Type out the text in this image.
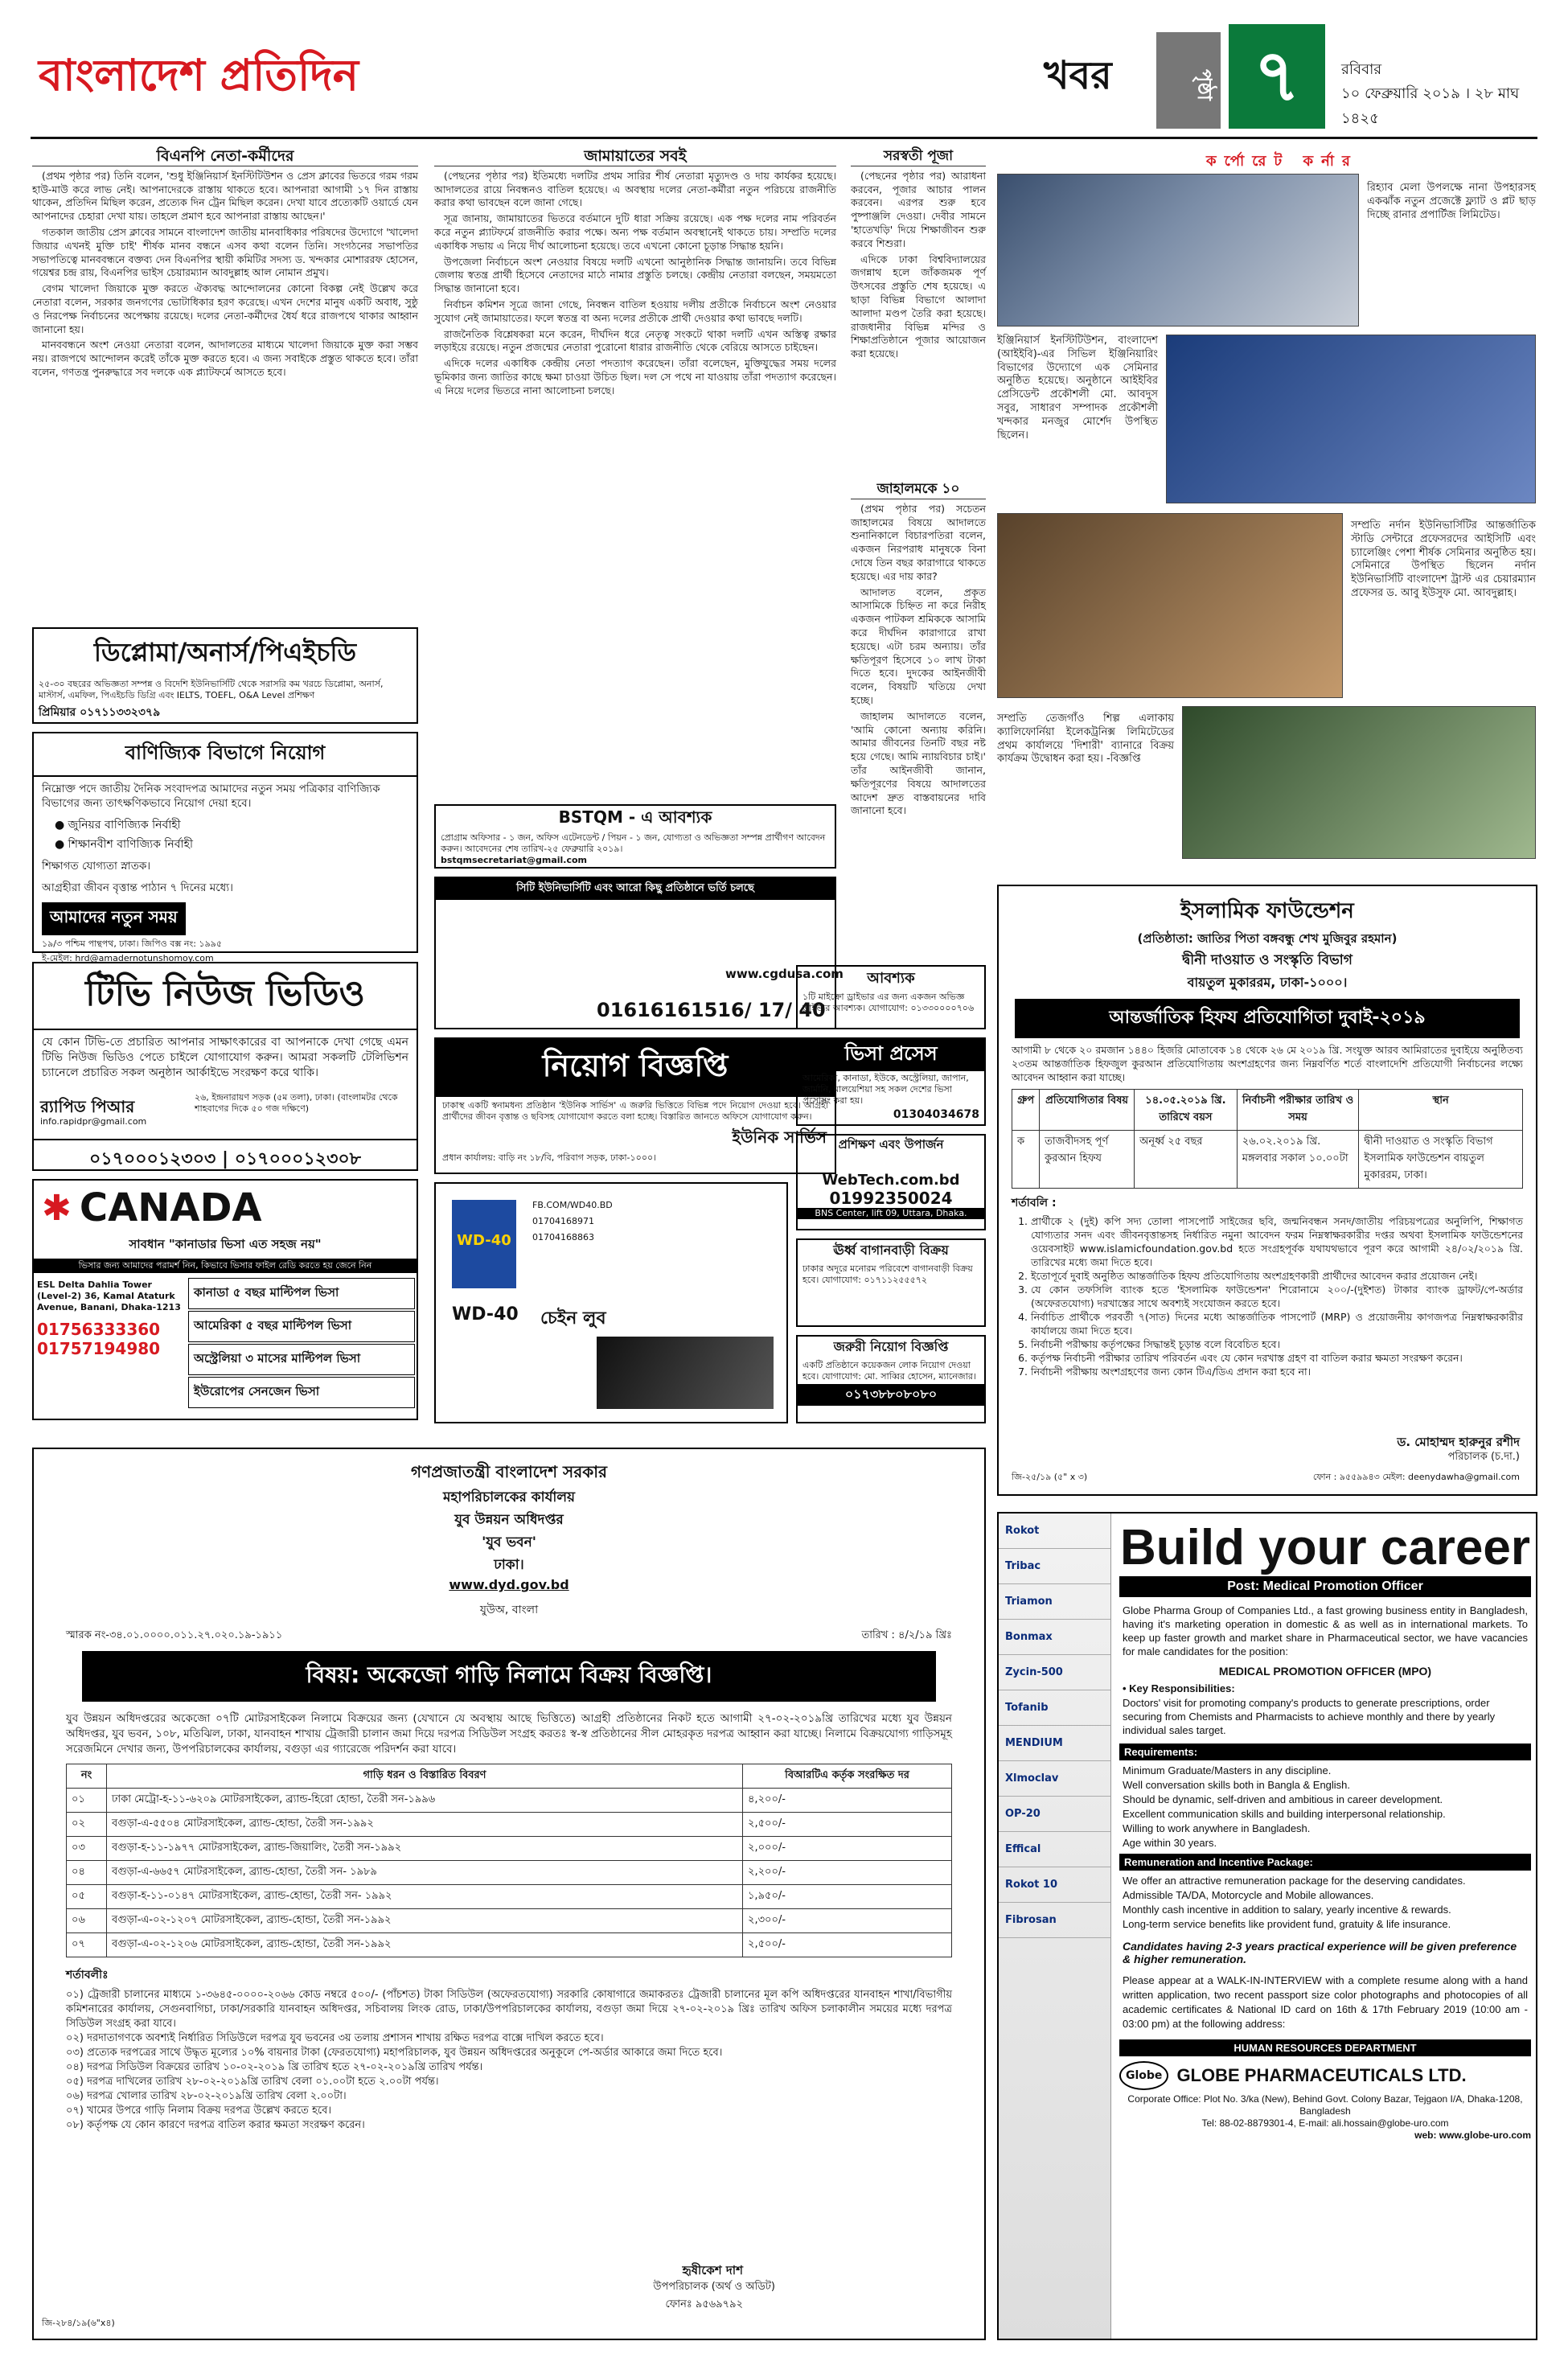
বাংলাদেশ প্রতিদিন	খবর	পৃষ্ঠা ৭	রবিবার
১০ ফেব্রুয়ারি ২০১৯ । ২৮ মাঘ ১৪২৫
বিএনপি নেতা-কর্মীদের

(প্রথম পৃষ্ঠার পর) তিনি বলেন, 'শুধু ইঞ্জিনিয়ার্স ইনস্টিটিউশন ও প্রেস ক্লাবের ভিতরে গরম গরম হাউ-মাউ করে লাভ নেই। আপনাদেরকে রাস্তায় থাকতে হবে। আপনারা আগামী ১৭ দিন রাস্তায় থাকেন, প্রতিদিন মিছিল করেন, প্রত্যেক দিন ট্রেন মিছিল করেন। দেখা যাবে প্রত্যেকটি ওয়ার্ডে যেন আপনাদের চেহারা দেখা যায়। তাহলে প্রমাণ হবে আপনারা রাস্তায় আছেন।'

গতকাল জাতীয় প্রেস ক্লাবের সামনে বাংলাদেশ জাতীয় মানবাধিকার পরিষদের উদ্যোগে 'খালেদা জিয়ার এখনই মুক্তি চাই' শীর্ষক মানব বন্ধনে এসব কথা বলেন তিনি। সংগঠনের সভাপতির সভাপতিত্বে মানববন্ধনে বক্তব্য দেন বিএনপির স্থায়ী কমিটির সদস্য ড. খন্দকার মোশাররফ হোসেন, গয়েশ্বর চন্দ্র রায়, বিএনপির ভাইস চেয়ারম্যান আবদুল্লাহ আল নোমান প্রমুখ।

বেগম খালেদা জিয়াকে মুক্ত করতে ঐক্যবদ্ধ আন্দোলনের কোনো বিকল্প নেই উল্লেখ করে নেতারা বলেন, সরকার জনগণের ভোটাধিকার হরণ করেছে। এখন দেশের মানুষ একটি অবাধ, সুষ্ঠু ও নিরপেক্ষ নির্বাচনের অপেক্ষায় রয়েছে। দলের নেতা-কর্মীদের ধৈর্য ধরে রাজপথে থাকার আহ্বান জানানো হয়।

মানববন্ধনে অংশ নেওয়া নেতারা বলেন, আদালতের মাধ্যমে খালেদা জিয়াকে মুক্ত করা সম্ভব নয়। রাজপথে আন্দোলন করেই তাঁকে মুক্ত করতে হবে। এ জন্য সবাইকে প্রস্তুত থাকতে হবে। তাঁরা বলেন, গণতন্ত্র পুনরুদ্ধারে সব দলকে এক প্ল্যাটফর্মে আসতে হবে।

জামায়াতের সবই

(পেছনের পৃষ্ঠার পর) ইতিমধ্যে দলটির প্রথম সারির শীর্ষ নেতারা মৃত্যুদণ্ড ও দায় কার্যকর হয়েছে। আদালতের রায়ে নিবন্ধনও বাতিল হয়েছে। এ অবস্থায় দলের নেতা-কর্মীরা নতুন পরিচয়ে রাজনীতি করার কথা ভাবছেন বলে জানা গেছে।

সূত্র জানায়, জামায়াতের ভিতরে বর্তমানে দুটি ধারা সক্রিয় রয়েছে। এক পক্ষ দলের নাম পরিবর্তন করে নতুন প্ল্যাটফর্মে রাজনীতি করার পক্ষে। অন্য পক্ষ বর্তমান অবস্থানেই থাকতে চায়। সম্প্রতি দলের একাধিক সভায় এ নিয়ে দীর্ঘ আলোচনা হয়েছে। তবে এখনো কোনো চূড়ান্ত সিদ্ধান্ত হয়নি।

উপজেলা নির্বাচনে অংশ নেওয়ার বিষয়ে দলটি এখনো আনুষ্ঠানিক সিদ্ধান্ত জানায়নি। তবে বিভিন্ন জেলায় স্বতন্ত্র প্রার্থী হিসেবে নেতাদের মাঠে নামার প্রস্তুতি চলছে। কেন্দ্রীয় নেতারা বলছেন, সময়মতো সিদ্ধান্ত জানানো হবে।

নির্বাচন কমিশন সূত্রে জানা গেছে, নিবন্ধন বাতিল হওয়ায় দলীয় প্রতীকে নির্বাচনে অংশ নেওয়ার সুযোগ নেই জামায়াতের। ফলে স্বতন্ত্র বা অন্য দলের প্রতীকে প্রার্থী দেওয়ার কথা ভাবছে দলটি।

রাজনৈতিক বিশ্লেষকরা মনে করেন, দীর্ঘদিন ধরে নেতৃত্ব সংকটে থাকা দলটি এখন অস্তিত্ব রক্ষার লড়াইয়ে রয়েছে। নতুন প্রজন্মের নেতারা পুরোনো ধারার রাজনীতি থেকে বেরিয়ে আসতে চাইছেন।

এদিকে দলের একাধিক কেন্দ্রীয় নেতা পদত্যাগ করেছেন। তাঁরা বলেছেন, মুক্তিযুদ্ধের সময় দলের ভূমিকার জন্য জাতির কাছে ক্ষমা চাওয়া উচিত ছিল। দল সে পথে না যাওয়ায় তাঁরা পদত্যাগ করেছেন। এ নিয়ে দলের ভিতরে নানা আলোচনা চলছে।

সরস্বতী পূজা

(পেছনের পৃষ্ঠার পর) আরাধনা করবেন, পূজার আচার পালন করবেন। এরপর শুরু হবে পুষ্পাঞ্জলি দেওয়া। দেবীর সামনে 'হাতেখড়ি' দিয়ে শিক্ষাজীবন শুরু করবে শিশুরা।

এদিকে ঢাকা বিশ্ববিদ্যালয়ের জগন্নাথ হলে জাঁকজমক পূর্ণ উৎসবের প্রস্তুতি শেষ হয়েছে। এ ছাড়া বিভিন্ন বিভাগে আলাদা আলাদা মণ্ডপ তৈরি করা হয়েছে। রাজধানীর বিভিন্ন মন্দির ও শিক্ষাপ্রতিষ্ঠানে পূজার আয়োজন করা হয়েছে।

জাহালমকে ১০

(প্রথম পৃষ্ঠার পর) সচেতন জাহালমের বিষয়ে আদালতে শুনানিকালে বিচারপতিরা বলেন, একজন নিরপরাধ মানুষকে বিনা দোষে তিন বছর কারাগারে থাকতে হয়েছে। এর দায় কার?

আদালত বলেন, প্রকৃত আসামিকে চিহ্নিত না করে নিরীহ একজন পাটকল শ্রমিককে আসামি করে দীর্ঘদিন কারাগারে রাখা হয়েছে। এটা চরম অন্যায়। তাঁর ক্ষতিপূরণ হিসেবে ১০ লাখ টাকা দিতে হবে। দুদকের আইনজীবী বলেন, বিষয়টি খতিয়ে দেখা হচ্ছে।

জাহালম আদালতে বলেন, 'আমি কোনো অন্যায় করিনি। আমার জীবনের তিনটি বছর নষ্ট হয়ে গেছে। আমি ন্যায়বিচার চাই।' তাঁর আইনজীবী জানান, ক্ষতিপূরণের বিষয়ে আদালতের আদেশ দ্রুত বাস্তবায়নের দাবি জানানো হবে।

কর্পোরেট কর্নার
রিহ্যাব মেলা উপলক্ষে নানা উপহারসহ একঝাঁক নতুন প্রজেক্টে ফ্ল্যাট ও প্লট ছাড় দিচ্ছে রানার প্রপার্টিজ লিমিটেড।
ইঞ্জিনিয়ার্স ইনস্টিটিউশন, বাংলাদেশ (আইইবি)-এর সিভিল ইঞ্জিনিয়ারিং বিভাগের উদ্যোগে এক সেমিনার অনুষ্ঠিত হয়েছে। অনুষ্ঠানে আইইবির প্রেসিডেন্ট প্রকৌশলী মো. আবদুস সবুর, সাধারণ সম্পাদক প্রকৌশলী খন্দকার মনজুর মোর্শেদ উপস্থিত ছিলেন।
সম্প্রতি নর্দান ইউনিভার্সিটির আন্তর্জাতিক স্টাডি সেন্টারে প্রফেসরদের আইসিটি এবং চ্যালেঞ্জিং পেশা শীর্ষক সেমিনার অনুষ্ঠিত হয়। সেমিনারে উপস্থিত ছিলেন নর্দান ইউনিভার্সিটি বাংলাদেশ ট্রাস্ট এর চেয়ারম্যান প্রফেসর ড. আবু ইউসুফ মো. আবদুল্লাহ।
সম্প্রতি তেজগাঁও শিল্প এলাকায় ক্যালিফোর্নিয়া ইলেকট্রনিক্স লিমিটেডের প্রথম কার্যালয়ে 'দিশারী' ব্যানারে বিক্রয় কার্যক্রম উদ্বোধন করা হয়। -বিজ্ঞপ্তি
ডিপ্লোমা/অনার্স/পিএইচডি
২৫-৩০ বছরের অভিজ্ঞতা সম্পন্ন ও বিদেশি ইউনিভার্সিটি থেকে সরাসরি কম খরচে ডিপ্লোমা, অনার্স, মাস্টার্স, এমফিল, পিএইচডি ডিগ্রি এবং IELTS, TOEFL, O&A Level প্রশিক্ষণ
প্রিমিয়ার ০১৭১১৩৩২৩৭৯
বাণিজ্যিক বিভাগে নিয়োগ
নিম্নোক্ত পদে জাতীয় দৈনিক সংবাদপত্র আমাদের নতুন সময় পত্রিকার বাণিজ্যিক বিভাগের জন্য তাৎক্ষণিকভাবে নিয়োগ দেয়া হবে।
● জুনিয়র বাণিজ্যিক নির্বাহী
● শিক্ষানবীশ বাণিজ্যিক নির্বাহী
শিক্ষাগত যোগ্যতা স্নাতক।
আগ্রহীরা জীবন বৃত্তান্ত পাঠান ৭ দিনের মধ্যে।
আমাদের নতুন সময়
১৯/৩ পশ্চিম পান্থপথ, ঢাকা। জিপিও বক্স নং: ১৯৯৫
ই-মেইল: hrd@amadernotunshomoy.com
টিভি নিউজ ভিডিও
যে কোন টিভি-তে প্রচারিত আপনার সাক্ষাৎকারের বা আপনাকে দেখা গেছে এমন টিভি নিউজ ভিডিও পেতে চাইলে যোগাযোগ করুন। আমরা সকলটি টেলিভিশন চ্যানেলে প্রচারিত সকল অনুষ্ঠান আর্কাইভে সংরক্ষণ করে থাকি।
র‍্যাপিড পিআর
info.rapidpr@gmail.com
২৬, ইন্দ্রনারায়ণ সড়ক (৫ম তলা), ঢাকা। (বাংলামটর থেকে শাহবাগের দিকে ৫০ গজ দক্ষিণে)
০১৭০০০১২৩০৩ | ০১৭০০০১২৩০৮
✱ CANADA
সাবধান "কানাডার ভিসা এত সহজ নয়"
ভিসার জন্য আমাদের পরামর্শ নিন, কিভাবে ভিসার ফাইল রেডি করতে হয় জেনে নিন
ESL Delta Dahlia Tower (Level-2) 36, Kamal Ataturk Avenue, Banani, Dhaka-1213
01756333360
01757194980
কানাডা ৫ বছর মাল্টিপল ভিসা
আমেরিকা ৫ বছর মাল্টিপল ভিসা
অস্ট্রেলিয়া ৩ মাসের মাল্টিপল ভিসা
ইউরোপের সেনজেন ভিসা
BSTQM - এ আবশ্যক
প্রোগ্রাম অফিসার - ১ জন, অফিস এটেনডেন্ট / পিয়ন - ১ জন, যোগ্যতা ও অভিজ্ঞতা সম্পন্ন প্রার্থীগণ আবেদন করুন। আবেদনের শেষ তারিখ-২৫ ফেব্রুয়ারি ২০১৯।
bstqmsecretariat@gmail.com
সিটি ইউনিভার্সিটি এবং আরো কিছু প্রতিষ্ঠানে ভর্তি চলছে
www.cgdusa.com
01616161516/ 17/ 40
নিয়োগ বিজ্ঞপ্তি
ঢাকাস্থ একটি স্বনামধন্য প্রতিষ্ঠান 'ইউনিক সার্ভিস' এ জরুরি ভিত্তিতে বিভিন্ন পদে নিয়োগ দেওয়া হবে। আগ্রহী প্রার্থীদের জীবন বৃত্তান্ত ও ছবিসহ যোগাযোগ করতে বলা হচ্ছে। বিস্তারিত জানতে অফিসে যোগাযোগ করুন।
ইউনিক সার্ভিস
প্রধান কার্যালয়: বাড়ি নং ১৮/বি, পরিবাগ সড়ক, ঢাকা-১০০০।
WD-40
FB.COM/WD40.BD
01704168971
01704168863
WD-40 চেইন লুব
আবশ্যক
১টি মাইক্রো ড্রাইভার এর জন্য একজন অভিজ্ঞ ড্রাইভার আবশ্যক। যোগাযোগ: ০১৩৩০০০০৭০৬
ভিসা প্রসেস
আমেরিকা, কানাডা, ইউকে, অস্ট্রেলিয়া, জাপান, জার্মানি, মালয়েশিয়া সহ সকল দেশের ভিসা প্রসেসিং করা হয়।
01304034678
প্রশিক্ষণ এবং উপার্জন
WebTech.com.bd
01992350024
BNS Center, lift 09, Uttara, Dhaka.
ঊর্ধ্ব বাগানবাড়ী বিক্রয়
ঢাকার অদূরে মনোরম পরিবেশে বাগানবাড়ী বিক্রয় হবে। যোগাযোগ: ০১৭১১২৫৫৫৭২
জরুরী নিয়োগ বিজ্ঞপ্তি
একটি প্রতিষ্ঠানে কয়েকজন লোক নিয়োগ দেওয়া হবে। যোগাযোগ: মো. সাব্বির হোসেন, ম্যানেজার।
০১৭৩৮৮০৮০৮০
ইসলামিক ফাউন্ডেশন
(প্রতিষ্ঠাতা: জাতির পিতা বঙ্গবন্ধু শেখ মুজিবুর রহমান)
দ্বীনী দাওয়াত ও সংস্কৃতি বিভাগ
বায়তুল মুকাররম, ঢাকা-১০০০।
আন্তর্জাতিক হিফয প্রতিযোগিতা দুবাই-২০১৯
আগামী ৮ থেকে ২০ রমজান ১৪৪০ হিজরি মোতাবেক ১৪ থেকে ২৬ মে ২০১৯ খ্রি. সংযুক্ত আরব আমিরাতের দুবাইয়ে অনুষ্ঠিতব্য ২৩তম আন্তর্জাতিক হিফজুল কুরআন প্রতিযোগিতায় অংশগ্রহণের জন্য নিম্নবর্ণিত শর্তে বাংলাদেশি প্রতিযোগী নির্বাচনের লক্ষ্যে আবেদন আহ্বান করা যাচ্ছে।
গ্রুপ	প্রতিযোগিতার বিষয়	১৪.০৫.২০১৯ খ্রি. তারিখে বয়স	নির্বাচনী পরীক্ষার তারিখ ও সময়	স্থান
ক	তাজবীদসহ পূর্ণ কুরআন হিফয	অনূর্ধ্ব ২৫ বছর	২৬.০২.২০১৯ খ্রি. মঙ্গলবার সকাল ১০.০০টা	দ্বীনী দাওয়াত ও সংস্কৃতি বিভাগ ইসলামিক ফাউন্ডেশন বায়তুল মুকাররম, ঢাকা।
শর্তাবলি :
1. প্রার্থীকে ২ (দুই) কপি সদ্য তোলা পাসপোর্ট সাইজের ছবি, জন্মনিবন্ধন সনদ/জাতীয় পরিচয়পত্রের অনুলিপি, শিক্ষাগত যোগ্যতার সনদ এবং জীবনবৃত্তান্তসহ নির্ধারিত নমুনা আবেদন ফরম নিম্নস্বাক্ষরকারীর দপ্তর অথবা ইসলামিক ফাউন্ডেশনের ওয়েবসাইট www.islamicfoundation.gov.bd হতে সংগ্রহপূর্বক যথাযথভাবে পূরণ করে আগামী ২৪/০২/২০১৯ খ্রি. তারিখের মধ্যে জমা দিতে হবে।
2. ইতোপূর্বে দুবাই অনুষ্ঠিত আন্তর্জাতিক হিফয প্রতিযোগিতায় অংশগ্রহণকারী প্রার্থীদের আবেদন করার প্রয়োজন নেই।
3. যে কোন তফসিলি ব্যাংক হতে 'ইসলামিক ফাউন্ডেশন' শিরোনামে ২০০/-(দুইশত) টাকার ব্যাংক ড্রাফট/পে-অর্ডার (অফেরতযোগ্য) দরখাস্তের সাথে অবশ্যই সংযোজন করতে হবে।
4. নির্বাচিত প্রার্থীকে পরবর্তী ৭(সাত) দিনের মধ্যে আন্তর্জাতিক পাসপোর্ট (MRP) ও প্রয়োজনীয় কাগজপত্র নিম্নস্বাক্ষরকারীর কার্যালয়ে জমা দিতে হবে।
5. নির্বাচনী পরীক্ষায় কর্তৃপক্ষের সিদ্ধান্তই চূড়ান্ত বলে বিবেচিত হবে।
6. কর্তৃপক্ষ নির্বাচনী পরীক্ষার তারিখ পরিবর্তন এবং যে কোন দরখাস্ত গ্রহণ বা বাতিল করার ক্ষমতা সংরক্ষণ করেন।
7. নির্বাচনী পরীক্ষায় অংশগ্রহণের জন্য কোন টিএ/ডিএ প্রদান করা হবে না।
ড. মোহাম্মদ হারুনুর রশীদ
পরিচালক (চ.দা.)
জি-২৫/১৯ (৫" x ৩)	ফোন : ৯৫৫৯৯৪৩ মেইল: deenydawha@gmail.com
গণপ্রজাতন্ত্রী বাংলাদেশ সরকার
মহাপরিচালকের কার্যালয়
যুব উন্নয়ন অধিদপ্তর
'যুব ভবন'
ঢাকা।
www.dyd.gov.bd
যুউঅ, বাংলা
স্মারক নং-৩৪.০১.০০০০.০১১.২৭.০২০.১৯-১৯১১	তারিখ : ৪/২/১৯ খ্রিঃ
বিষয়: অকেজো গাড়ি নিলামে বিক্রয় বিজ্ঞপ্তি।
যুব উন্নয়ন অধিদপ্তরের অকেজো ০৭টি মোটরসাইকেল নিলামে বিক্রয়ের জন্য (যেখানে যে অবস্থায় আছে ভিত্তিতে) আগ্রহী প্রতিষ্ঠানের নিকট হতে আগামী ২৭-০২-২০১৯খ্রি তারিখের মধ্যে যুব উন্নয়ন অধিদপ্তর, যুব ভবন, ১০৮, মতিঝিল, ঢাকা, যানবাহন শাখায় ট্রেজারী চালান জমা দিয়ে দরপত্র সিডিউল সংগ্রহ করতঃ স্ব-স্ব প্রতিষ্ঠানের সীল মোহরকৃত দরপত্র আহ্বান করা যাচ্ছে। নিলামে বিক্রয়যোগ্য গাড়িসমূহ সরেজমিনে দেখার জন্য, উপপরিচালকের কার্যালয়, বগুড়া এর গ্যারেজে পরিদর্শন করা যাবে।
নং	গাড়ি ধরন ও বিস্তারিত বিবরণ	বিআরটিএ কর্তৃক সংরক্ষিত দর
০১	ঢাকা মেট্রো-হ-১১-৬২০৯ মোটরসাইকেল, ব্র্যান্ড-হিরো হোন্ডা, তৈরী সন-১৯৯৬	৪,২০০/-
০২	বগুড়া-এ-৫৫০৪ মোটরসাইকেল, ব্র্যান্ড-হোন্ডা, তৈরী সন-১৯৯২	২,৫০০/-
০৩	বগুড়া-হ-১১-১৯৭৭ মোটরসাইকেল, ব্র্যান্ড-জিয়ালিং, তৈরী সন-১৯৯২	২,০০০/-
০৪	বগুড়া-এ-৬৬৫৭ মোটরসাইকেল, ব্র্যান্ড-হোন্ডা, তৈরী সন- ১৯৮৯	২,২০০/-
০৫	বগুড়া-হ-১১-০১৪৭ মোটরসাইকেল, ব্র্যান্ড-হোন্ডা, তৈরী সন- ১৯৯২	১,৯৫০/-
০৬	বগুড়া-এ-০২-১২০৭ মোটরসাইকেল, ব্র্যান্ড-হোন্ডা, তৈরী সন-১৯৯২	২,৩০০/-
০৭	বগুড়া-এ-০২-১২০৬ মোটরসাইকেল, ব্র্যান্ড-হোন্ডা, তৈরী সন-১৯৯২	২,৫০০/-
শর্তাবলীঃ
০১) ট্রেজারী চালানের মাধ্যমে ১-৩৬৪৫-০০০০-২০৬৬ কোড নম্বরে ৫০০/- (পাঁচশত) টাকা সিডিউল (অফেরতযোগ্য) সরকারি কোষাগারে জমাকরতঃ ট্রেজারী চালানের মূল কপি অধিদপ্তরের যানবাহন শাখা/বিভাগীয় কমিশনারের কার্যালয়, সেগুনবাগিচা, ঢাকা/সরকারি যানবাহন অধিদপ্তর, সচিবালয় লিংক রোড, ঢাকা/উপপরিচালকের কার্যালয়, বগুড়া জমা দিয়ে ২৭-০২-২০১৯ খ্রিঃ তারিখ অফিস চলাকালীন সময়ের মধ্যে দরপত্র সিডিউল সংগ্রহ করা যাবে।
০২) দরদাতাগণকে অবশ্যই নির্ধারিত সিডিউলে দরপত্র যুব ভবনের ৩য় তলায় প্রশাসন শাখায় রক্ষিত দরপত্র বাক্সে দাখিল করতে হবে।
০৩) প্রত্যেক দরপত্রের সাথে উদ্ধৃত মূল্যের ১০% বায়নার টাকা (ফেরতযোগ্য) মহাপরিচালক, যুব উন্নয়ন অধিদপ্তরের অনুকূলে পে-অর্ডার আকারে জমা দিতে হবে।
০৪) দরপত্র সিডিউল বিক্রয়ের তারিখ ১০-০২-২০১৯ খ্রি তারিখ হতে ২৭-০২-২০১৯খ্রি তারিখ পর্যন্ত।
০৫) দরপত্র দাখিলের তারিখ ২৮-০২-২০১৯খ্রি তারিখ বেলা ০১.০০টা হতে ২.০০টা পর্যন্ত।
০৬) দরপত্র খোলার তারিখ ২৮-০২-২০১৯খ্রি তারিখ বেলা ২.০০টা।
০৭) খামের উপরে গাড়ি নিলাম বিক্রয় দরপত্র উল্লেখ করতে হবে।
০৮) কর্তৃপক্ষ যে কোন কারণে দরপত্র বাতিল করার ক্ষমতা সংরক্ষণ করেন।
হৃষীকেশ দাশ
উপপরিচালক (অর্থ ও অডিট)
ফোনঃ ৯৫৬৯৭৯২
জি-২৮৪/১৯(৬"x৪)
Rokot
Tribac
Triamon
Bonmax
Zycin-500
Tofanib
MENDIUM
Xlmoclav
OP-20
Effical
Rokot 10
Fibrosan
Build your career
Post: Medical Promotion Officer
Globe Pharma Group of Companies Ltd., a fast growing business entity in Bangladesh, having it's marketing operation in domestic & as well as in international markets. To keep up faster growth and market share in Pharmaceutical sector, we have vacancies for male candidates for the position:
MEDICAL PROMOTION OFFICER (MPO)
• Key Responsibilities:
Doctors' visit for promoting company's products to generate prescriptions, order securing from Chemists and Pharmacists to achieve monthly and there by yearly individual sales target.
Requirements:
Minimum Graduate/Masters in any discipline.
Well conversation skills both in Bangla & English.
Should be dynamic, self-driven and ambitious in career development.
Excellent communication skills and building interpersonal relationship.
Willing to work anywhere in Bangladesh.
Age within 30 years.
Remuneration and Incentive Package:
We offer an attractive remuneration package for the deserving candidates.
Admissible TA/DA, Motorcycle and Mobile allowances.
Monthly cash incentive in addition to salary, yearly incentive & rewards.
Long-term service benefits like provident fund, gratuity & life insurance.
Candidates having 2-3 years practical experience will be given preference & higher remuneration.
Please appear at a WALK-IN-INTERVIEW with a complete resume along with a hand written application, two recent passport size color photographs and photocopies of all academic certificates & National ID card on 16th & 17th February 2019 (10:00 am - 03:00 pm) at the following address:
HUMAN RESOURCES DEPARTMENT
Globe GLOBE PHARMACEUTICALS LTD.
Corporate Office: Plot No. 3/ka (New), Behind Govt. Colony Bazar, Tejgaon I/A, Dhaka-1208, Bangladesh
Tel: 88-02-8879301-4, E-mail: ali.hossain@globe-uro.com
web: www.globe-uro.com
